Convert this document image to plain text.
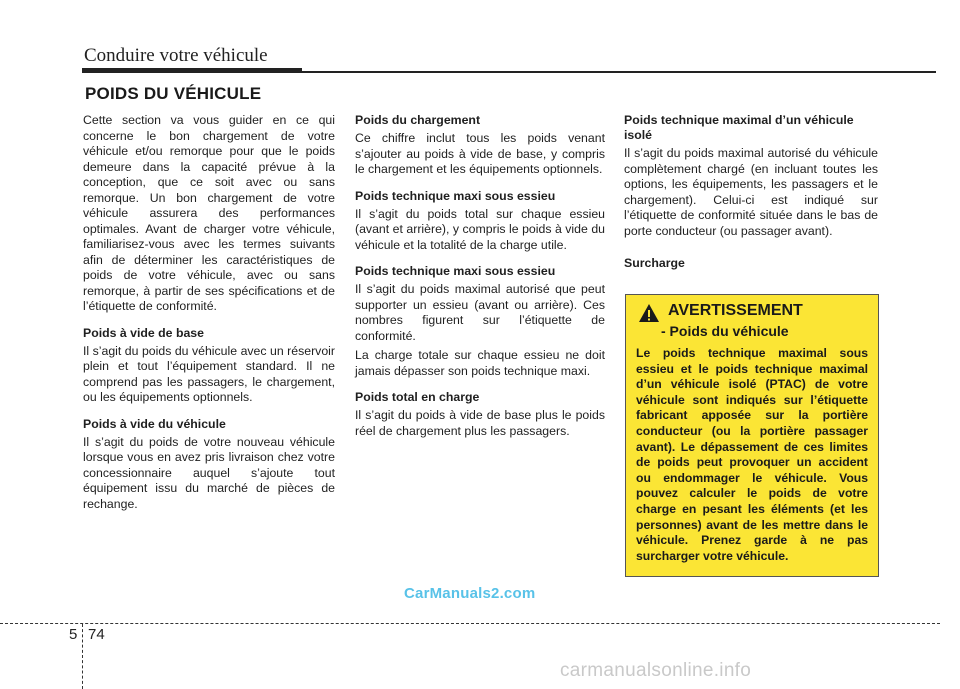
Conduire votre véhicule
POIDS DU VÉHICULE

Cette section va vous guider en ce qui concerne le bon chargement de votre véhicule et/ou remorque pour que le poids demeure dans la capacité prévue à la conception, que ce soit avec ou sans remorque. Un bon chargement de votre véhicule assurera des performances optimales. Avant de charger votre véhicule, familiarisez-vous avec les termes suivants afin de déterminer les caractéristiques de poids de votre véhicule, avec ou sans remorque, à partir de ses spécifications et de l’étiquette de conformité.

Poids à vide de base

Il s’agit du poids du véhicule avec un réservoir plein et tout l’équipement standard. Il ne comprend pas les passagers, le chargement, ou les équipements optionnels.

Poids à vide du véhicule

Il s’agit du poids de votre nouveau véhicule lorsque vous en avez pris livraison chez votre concessionnaire auquel s’ajoute tout équipement issu du marché de pièces de rechange.

Poids du chargement

Ce chiffre inclut tous les poids venant s’ajouter au poids à vide de base, y compris le chargement et les équipements optionnels.

Poids technique maxi sous essieu

Il s’agit du poids total sur chaque essieu (avant et arrière), y compris le poids à vide du véhicule et la totalité de la charge utile.

Poids technique maxi sous essieu

Il s’agit du poids maximal autorisé que peut supporter un essieu (avant ou arrière). Ces nombres figurent sur l’étiquette de conformité.

La charge totale sur chaque essieu ne doit jamais dépasser son poids technique maxi.

Poids total en charge

Il s’agit du poids à vide de base plus le poids réel de chargement plus les passagers.

Poids technique maximal d’un véhicule isolé

Il s’agit du poids maximal autorisé du véhicule complètement chargé (en incluant toutes les options, les équipements, les passagers et le chargement). Celui-ci est indiqué sur l’étiquette de conformité située dans le bas de porte conducteur (ou passager avant).

Surcharge
AVERTISSEMENT
- Poids du véhicule

Le poids technique maximal sous essieu et le poids technique maximal d’un véhicule isolé (PTAC) de votre véhicule sont indiqués sur l’étiquette fabricant apposée sur la portière conducteur (ou la portière passager avant). Le dépassement de ces limites de poids peut provoquer un accident ou endommager le véhicule. Vous pouvez calculer le poids de votre charge en pesant les éléments (et les personnes) avant de les mettre dans le véhicule. Prenez garde à ne pas surcharger votre véhicule.

CarManuals2.com
5 74
carmanualsonline.info
